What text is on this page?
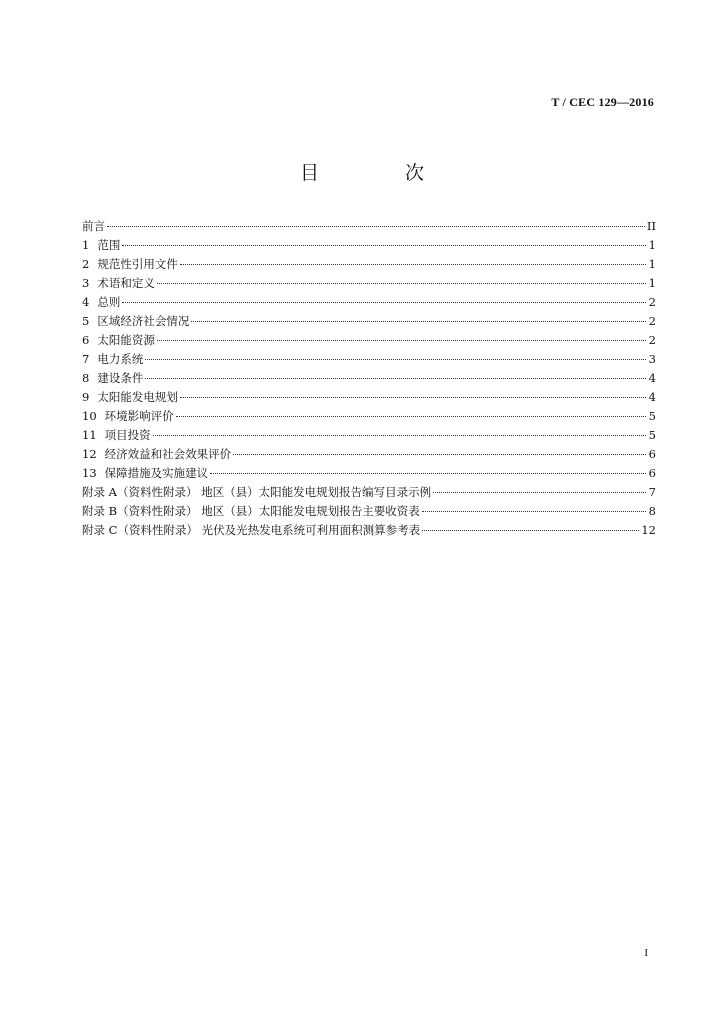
T / CEC 129—2016
目 次
前言	II
1 范围	1
2 规范性引用文件	1
3 术语和定义	1
4 总则	2
5 区域经济社会情况	2
6 太阳能资源	2
7 电力系统	3
8 建设条件	4
9 太阳能发电规划	4
10 环境影响评价	5
11 项目投资	5
12 经济效益和社会效果评价	6
13 保障措施及实施建议	6
附录 A（资料性附录） 地区（县）太阳能发电规划报告编写目录示例	7
附录 B（资料性附录） 地区（县）太阳能发电规划报告主要收资表	8
附录 C（资料性附录） 光伏及光热发电系统可利用面积测算参考表	12
I
